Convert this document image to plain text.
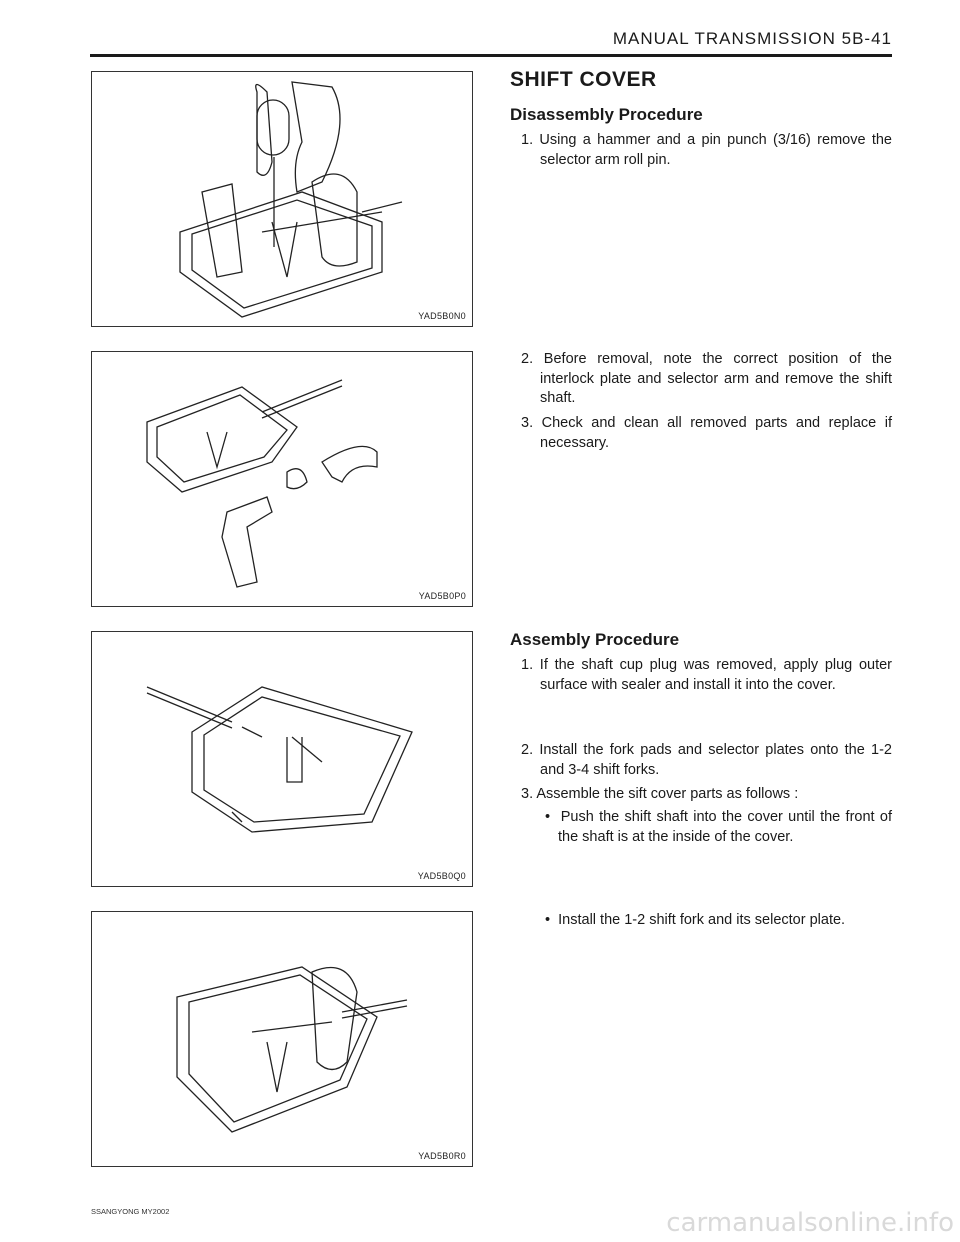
MANUAL TRANSMISSION 5B-41
YAD5B0N0
YAD5B0P0
YAD5B0Q0
YAD5B0R0
SHIFT COVER
Disassembly Procedure
1. Using a hammer and a pin punch (3/16) remove the selector arm roll pin.
2. Before removal, note the correct position of the interlock plate and selector arm and remove the shift shaft.
3. Check and clean all removed parts and replace if necessary.
Assembly Procedure
1. If the shaft cup plug was removed, apply plug outer surface with sealer and install it into the cover.
2. Install the fork pads and selector plates onto the 1-2 and 3-4 shift forks.
3. Assemble the sift cover parts as follows :
•  Push the shift shaft into the cover until the front of the shaft is at the inside of the cover.
•  Install the 1-2 shift fork and its selector plate.
SSANGYONG MY2002	carmanualsonline.info
